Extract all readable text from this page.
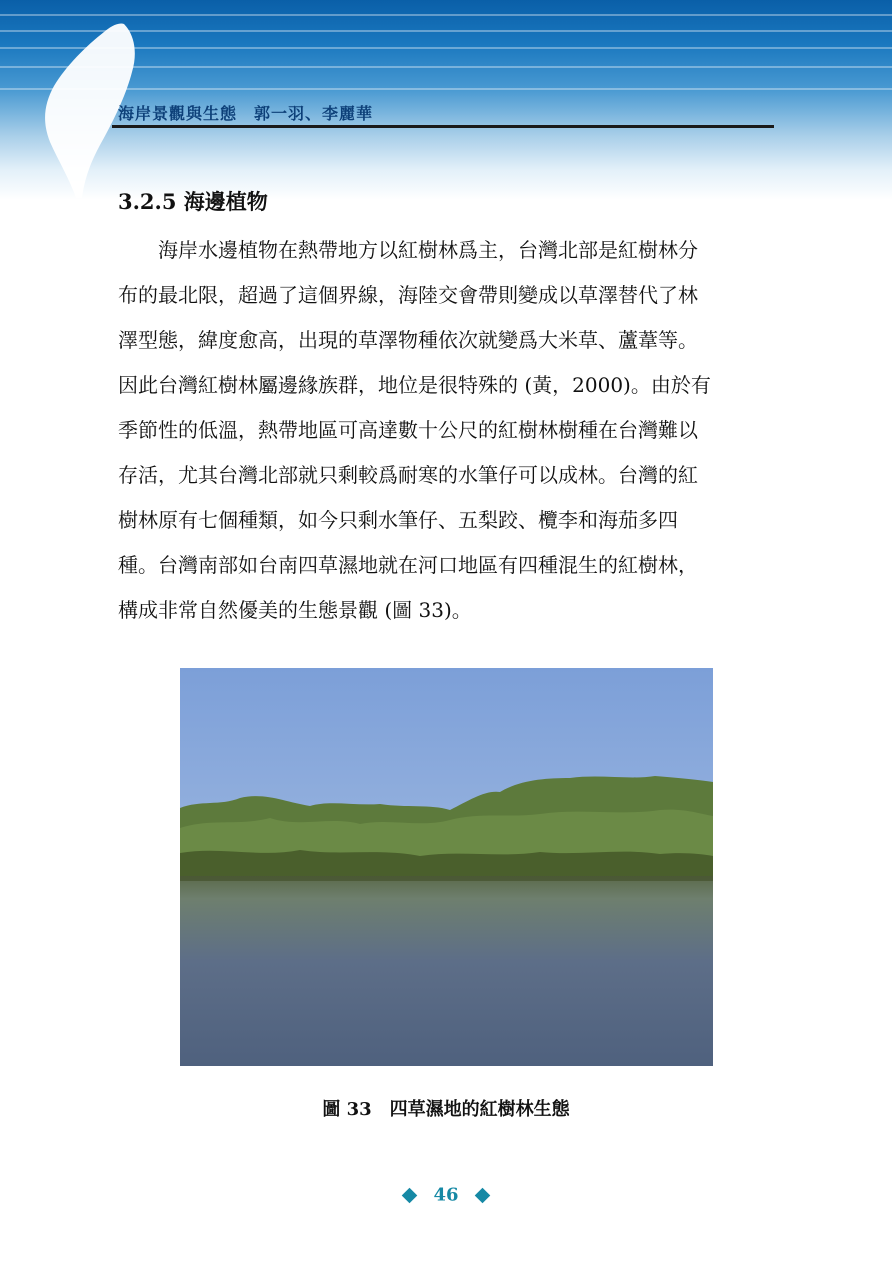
海岸景觀與生態　郭一羽、李麗華
3.2.5 海邊植物

　　海岸水邊植物在熱帶地方以紅樹林爲主，台灣北部是紅樹林分
布的最北限，超過了這個界線，海陸交會帶則變成以草澤替代了林
澤型態，緯度愈高，出現的草澤物種依次就變爲大米草、蘆葦等。
因此台灣紅樹林屬邊緣族群，地位是很特殊的 (黃，2000)。由於有
季節性的低溫，熱帶地區可高達數十公尺的紅樹林樹種在台灣難以
存活，尤其台灣北部就只剩較爲耐寒的水筆仔可以成林。台灣的紅
樹林原有七個種類，如今只剩水筆仔、五梨跤、欖李和海茄多四
種。台灣南部如台南四草濕地就在河口地區有四種混生的紅樹林，
構成非常自然優美的生態景觀 (圖 33)。

圖 33　四草濕地的紅樹林生態
46
